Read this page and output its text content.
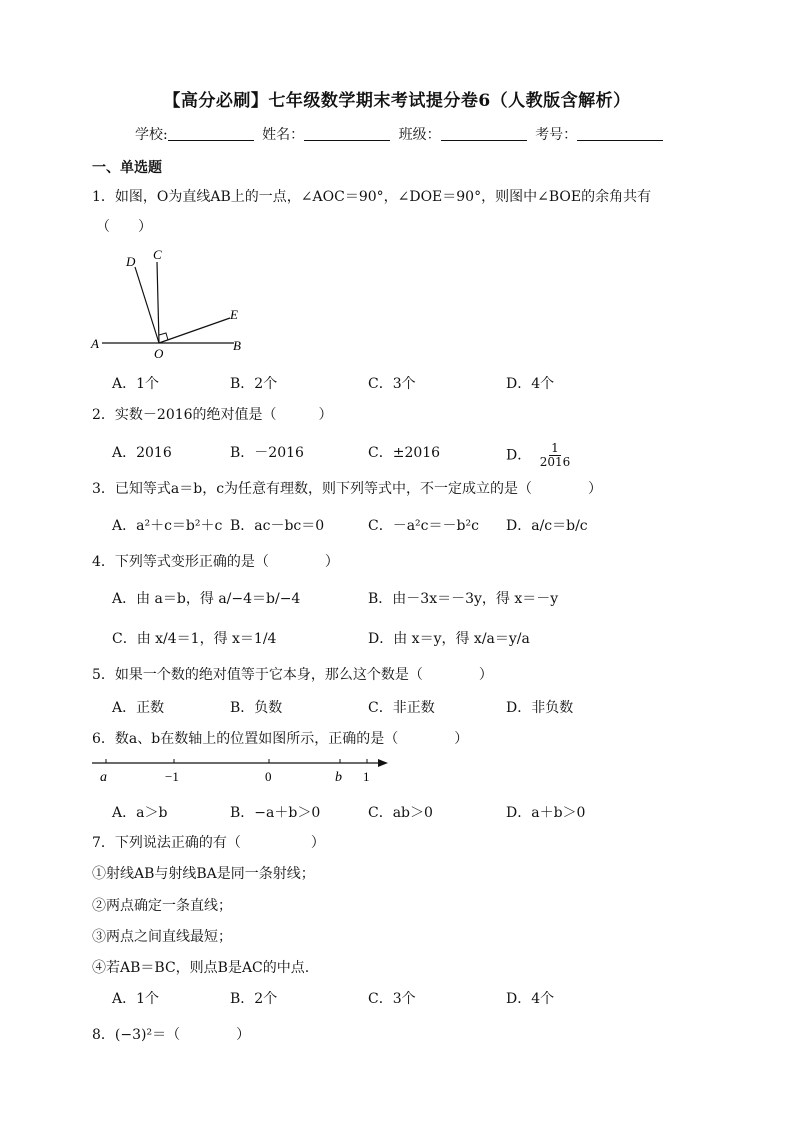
【高分必刷】七年级数学期末考试提分卷6（人教版含解析）
学校:	姓名：	班级：	考号：
一、单选题
1．如图，O为直线AB上的一点，∠AOC＝90°，∠DOE＝90°，则图中∠BOE的余角共有
（　　）
D C
E
A
O
B
A．1个	B．2个	C．3个	D．4个
2．实数－2016的绝对值是（　　　）
A．2016	B．－2016	C．±2016	D． $\frac{1}{2016}$
3．已知等式a＝b，c为任意有理数，则下列等式中，不一定成立的是（　　　　）
A．a²＋c＝b²＋c B．ac－bc＝0	C．－a²c＝－b²c D．a/c＝b/c
4．下列等式变形正确的是（　　　　）
A．由 a＝b，得 a/−4＝b/−4	B．由－3x＝－3y，得 x＝－y
C．由 x/4＝1，得 x＝1/4	D．由 x＝y，得 x/a＝y/a
5．如果一个数的绝对值等于它本身，那么这个数是（　　　　）
A．正数	B．负数	C．非正数	D．非负数
6．数a、b在数轴上的位置如图所示，正确的是（　　　　）
a	−1	0	b 1
A．a＞b	B．−a＋b＞0	C．ab＞0	D．a＋b＞0
7．下列说法正确的有（　　　　　）
①射线AB与射线BA是同一条射线；
②两点确定一条直线；
③两点之间直线最短；
④若AB＝BC，则点B是AC的中点.
A．1个	B．2个	C．3个	D．4个
8．(−3)²＝（　　　　）
